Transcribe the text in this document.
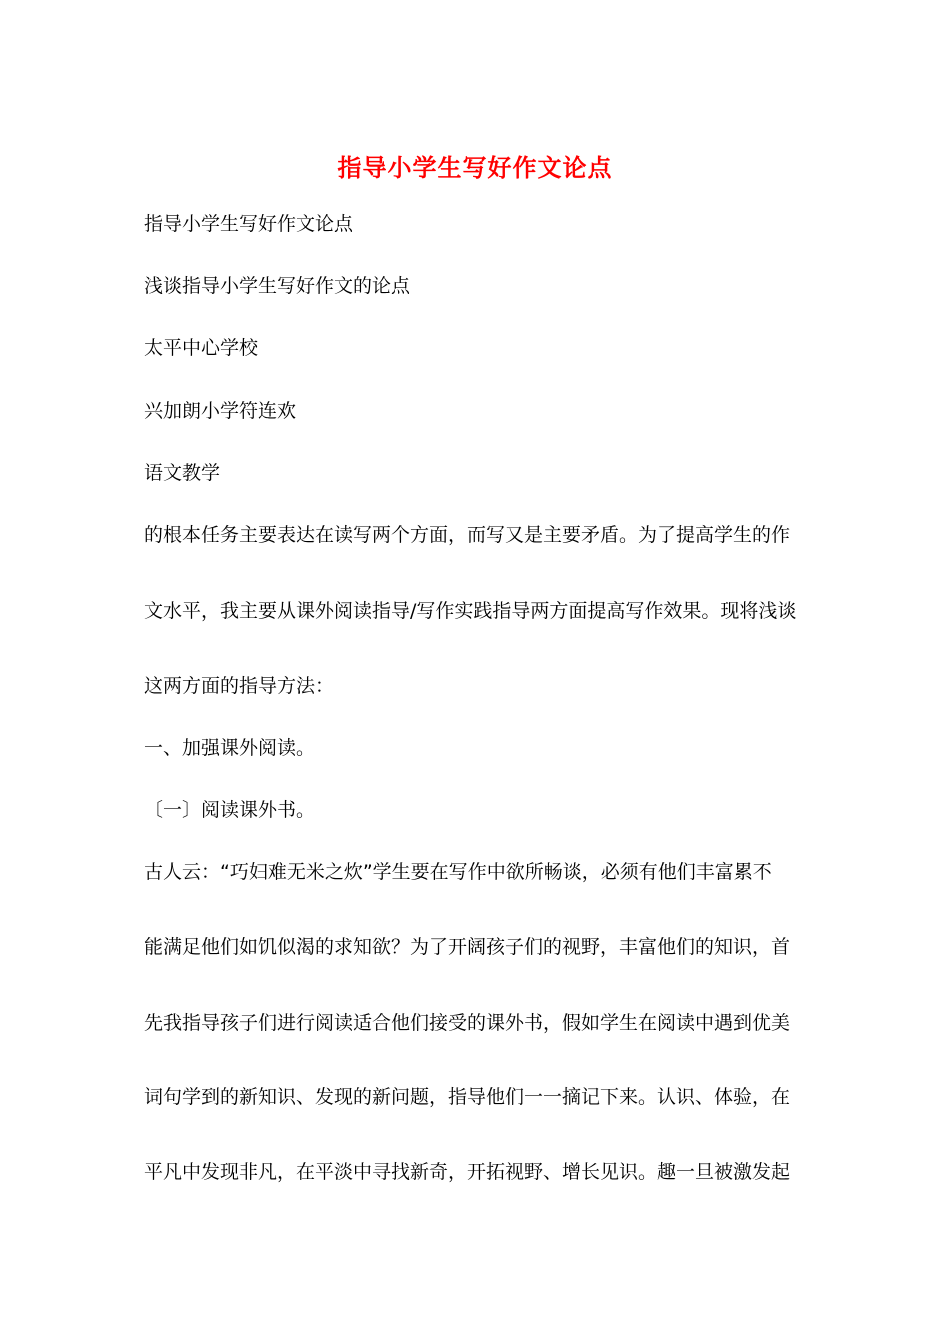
指导小学生写好作文论点
指导小学生写好作文论点
浅谈指导小学生写好作文的论点
太平中心学校
兴加朗小学符连欢
语文教学
的根本任务主要表达在读写两个方面，而写又是主要矛盾。为了提高学生的作
文水平，我主要从课外阅读指导/写作实践指导两方面提高写作效果。现将浅谈
这两方面的指导方法：
一、加强课外阅读。
〔一〕阅读课外书。
古人云：“巧妇难无米之炊”学生要在写作中欲所畅谈，必须有他们丰富累不
能满足他们如饥似渴的求知欲？为了开阔孩子们的视野，丰富他们的知识，首
先我指导孩子们进行阅读适合他们接受的课外书，假如学生在阅读中遇到优美
词句学到的新知识、发现的新问题，指导他们一一摘记下来。认识、体验，在
平凡中发现非凡，在平淡中寻找新奇，开拓视野、增长见识。趣一旦被激发起
